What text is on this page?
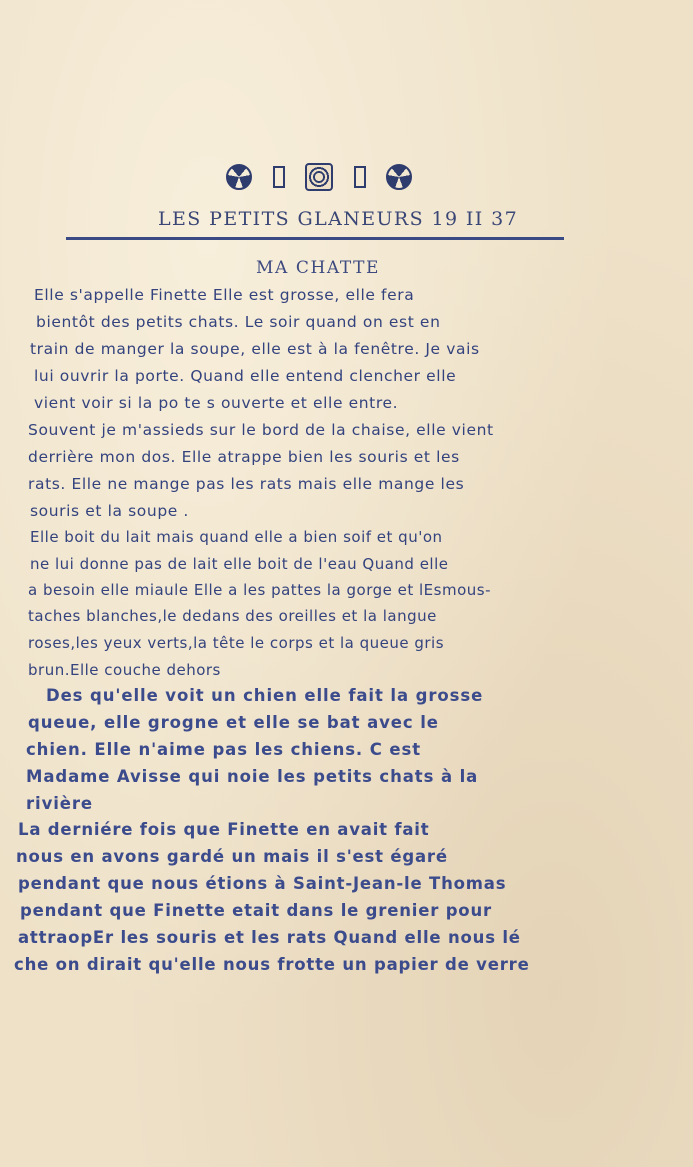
LES PETITS GLANEURS 19 II 37
MA CHATTE
Elle s'appelle Finette Elle est grosse, elle fera
bientôt des petits chats. Le soir quand on est en
train de manger la soupe, elle est à la fenêtre. Je vais
lui ouvrir la porte. Quand elle entend clencher elle
vient voir si la po te s ouverte et elle entre.
Souvent je m'assieds sur le bord de la chaise, elle vient
derrière mon dos. Elle atrappe bien les souris et les
rats. Elle ne mange pas les rats mais elle mange les
souris et la soupe .
Elle boit du lait mais quand elle a bien soif et qu'on
ne lui donne pas de lait elle boit de l'eau Quand elle
a besoin elle miaule Elle a les pattes la gorge et lEsmous-
taches blanches,le dedans des oreilles et la langue
roses,les yeux verts,la tête le corps et la queue gris
brun.Elle couche dehors
Des qu'elle voit un chien elle fait la grosse
queue, elle grogne et elle se bat avec le
chien. Elle n'aime pas les chiens. C est
Madame Avisse qui noie les petits chats à la
rivière
La derniére fois que Finette en avait fait
nous en avons gardé un mais il s'est égaré
pendant que nous étions à Saint-Jean-le Thomas
pendant que Finette etait dans le grenier pour
attraopEr les souris et les rats Quand elle nous lé
che on dirait qu'elle nous frotte un papier de verre
